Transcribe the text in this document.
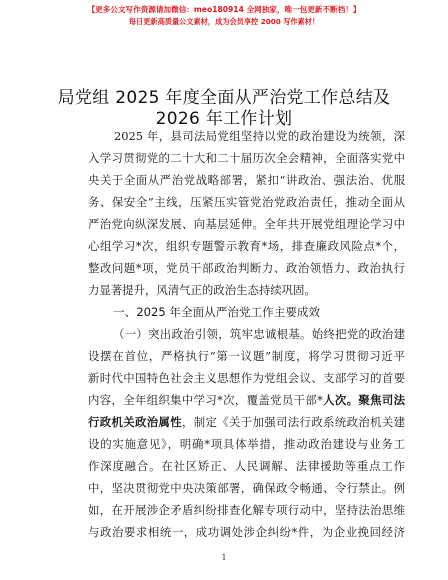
【更多公文写作资源请加微信：meo180914 全网独家，唯一包更新不断档！】
每日更新高质量公文素材，成为会员享控 2000 写作素材！
局党组 2025 年度全面从严治党工作总结及
2026 年工作计划
2025 年，县司法局党组坚持以党的政治建设为统领，深
入学习贯彻党的二十大和二十届历次全会精神，全面落实党中
央关于全面从严治党战略部署，紧扣“讲政治、强法治、优服
务、保安全”主线，压紧压实管党治党政治责任，推动全面从
严治党向纵深发展、向基层延伸。全年共开展党组理论学习中
心组学习*次，组织专题警示教育*场，排查廉政风险点*个，
整改问题*项，党员干部政治判断力、政治领悟力、政治执行
力显著提升，风清气正的政治生态持续巩固。
一、2025 年全面从严治党工作主要成效
（一）突出政治引领，筑牢忠诚根基。始终把党的政治建
设摆在首位，严格执行“第一议题”制度，将学习贯彻习近平
新时代中国特色社会主义思想作为党组会议、支部学习的首要
内容，全年组织集中学习*次，覆盖党员干部*人次。聚焦司法
行政机关政治属性，制定《关于加强司法行政系统政治机关建
设的实施意见》，明确*项具体举措，推动政治建设与业务工
作深度融合。在社区矫正、人民调解、法律援助等重点工作
中，坚决贯彻党中央决策部署，确保政令畅通、令行禁止。例
如，在开展涉企矛盾纠纷排查化解专项行动中，坚持法治思维
与政治要求相统一，成功调处涉企纠纷*件，为企业挽回经济
1
